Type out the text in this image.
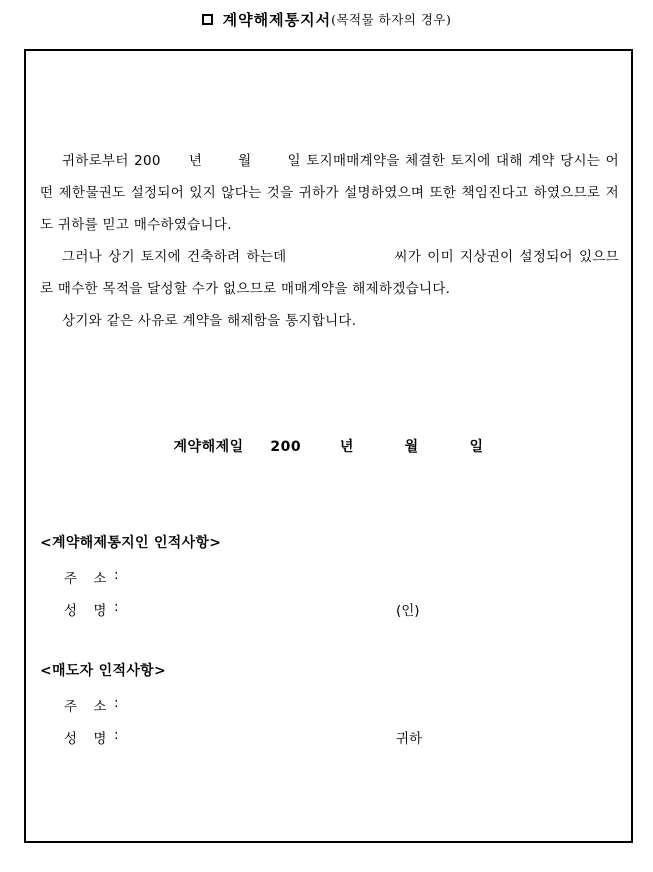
계약해제통지서 (목적물 하자의 경우)

귀하로부터 200 년	월	일 토지매매계약을 체결한 토지에 대해 계약 당시는 어떤 제한물권도 설정되어 있지 않다는 것을 귀하가 설명하였으며 또한 책임진다고 하였으므로 저도 귀하를 믿고 매수하였습니다.

그러나 상기 토지에 건축하려 하는데	씨가 이미 지상권이 설정되어 있으므로 매수한 목적을 달성할 수가 없으므로 매매계약을 해제하겠습니다.

상기와 같은 사유로 계약을 해제함을 통지합니다.

계약해제일 200	년	월	일
<계약해제통지인 인적사항>
주 소 :
성 명 :	(인)
<매도자 인적사항>
주 소 :
성 명 :	귀하
